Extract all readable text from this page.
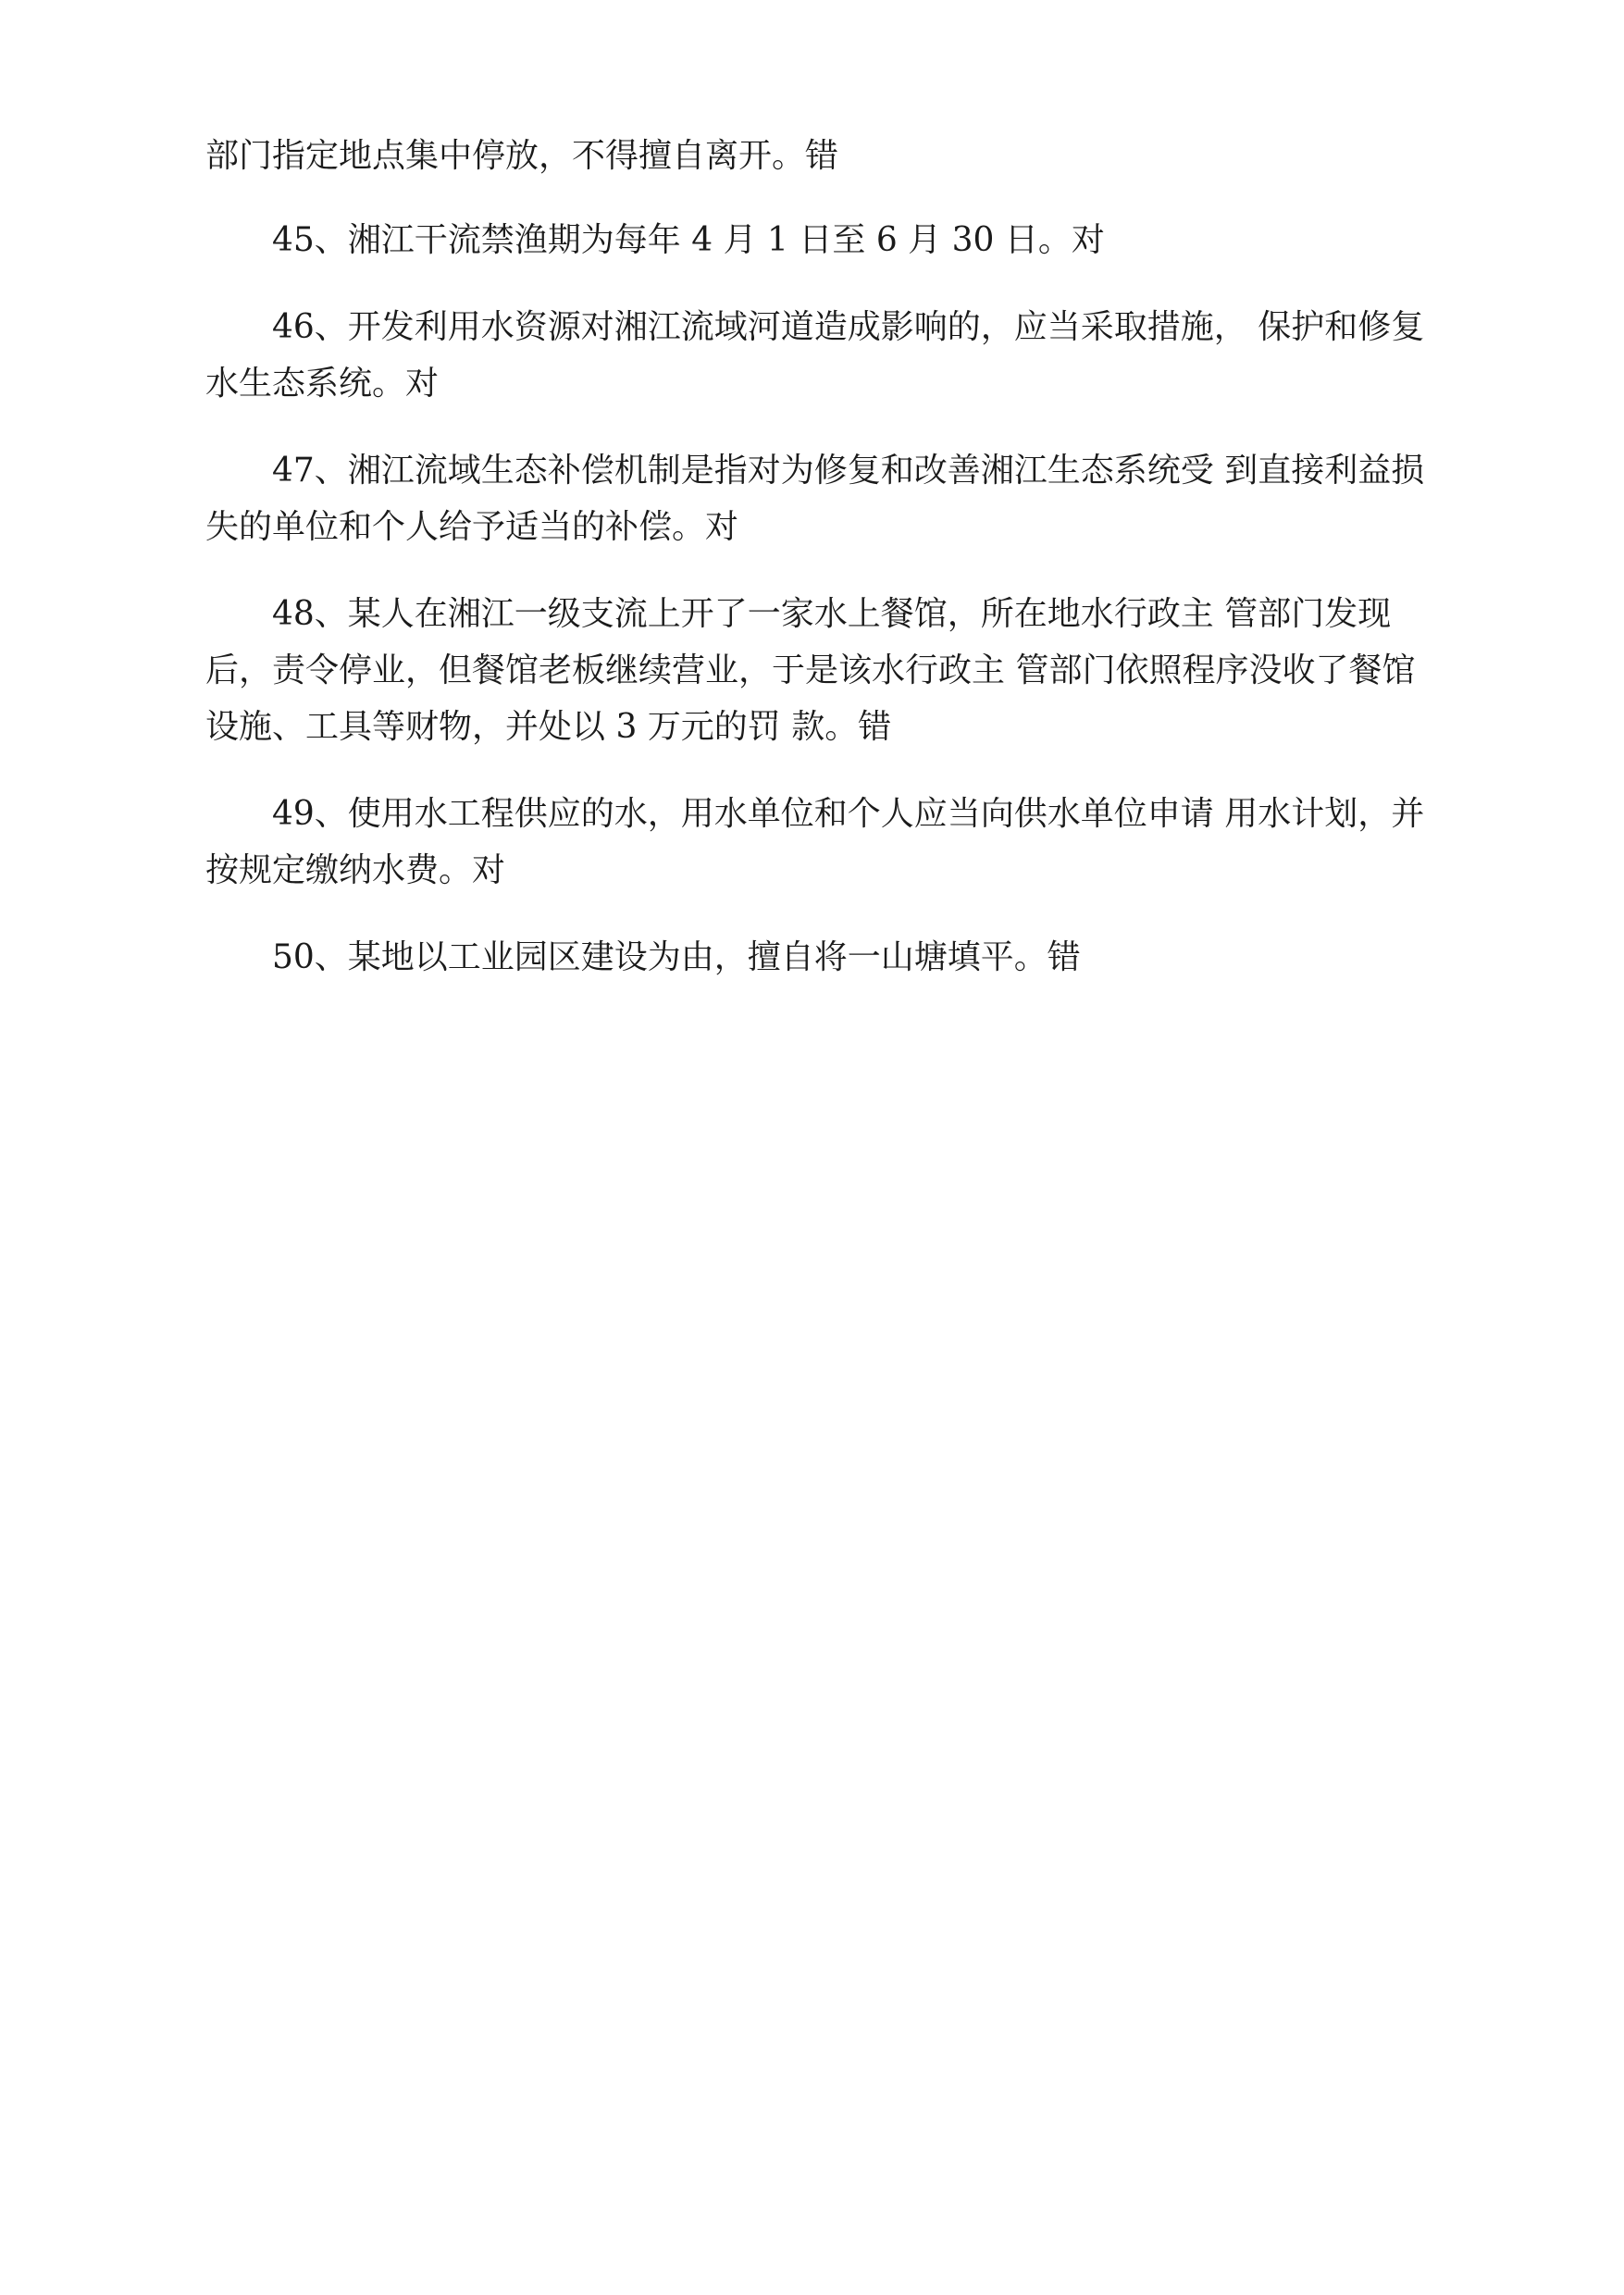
部门指定地点集中停放，不得擅自离开。错

45、湘江干流禁渔期为每年 4 月 1 日至 6 月 30 日。对

46、开发利用水资源对湘江流域河道造成影响的，应当采取措施， 保护和修复水生态系统。对

47、湘江流域生态补偿机制是指对为修复和改善湘江生态系统受 到直接利益损失的单位和个人给予适当的补偿。对

48、某人在湘江一级支流上开了一家水上餐馆，所在地水行政主 管部门发现后，责令停业，但餐馆老板继续营业，于是该水行政主 管部门依照程序没收了餐馆设施、工具等财物，并处以 3 万元的罚 款。错

49、使用水工程供应的水，用水单位和个人应当向供水单位申请 用水计划，并按规定缴纳水费。对

50、某地以工业园区建设为由，擅自将一山塘填平。错
